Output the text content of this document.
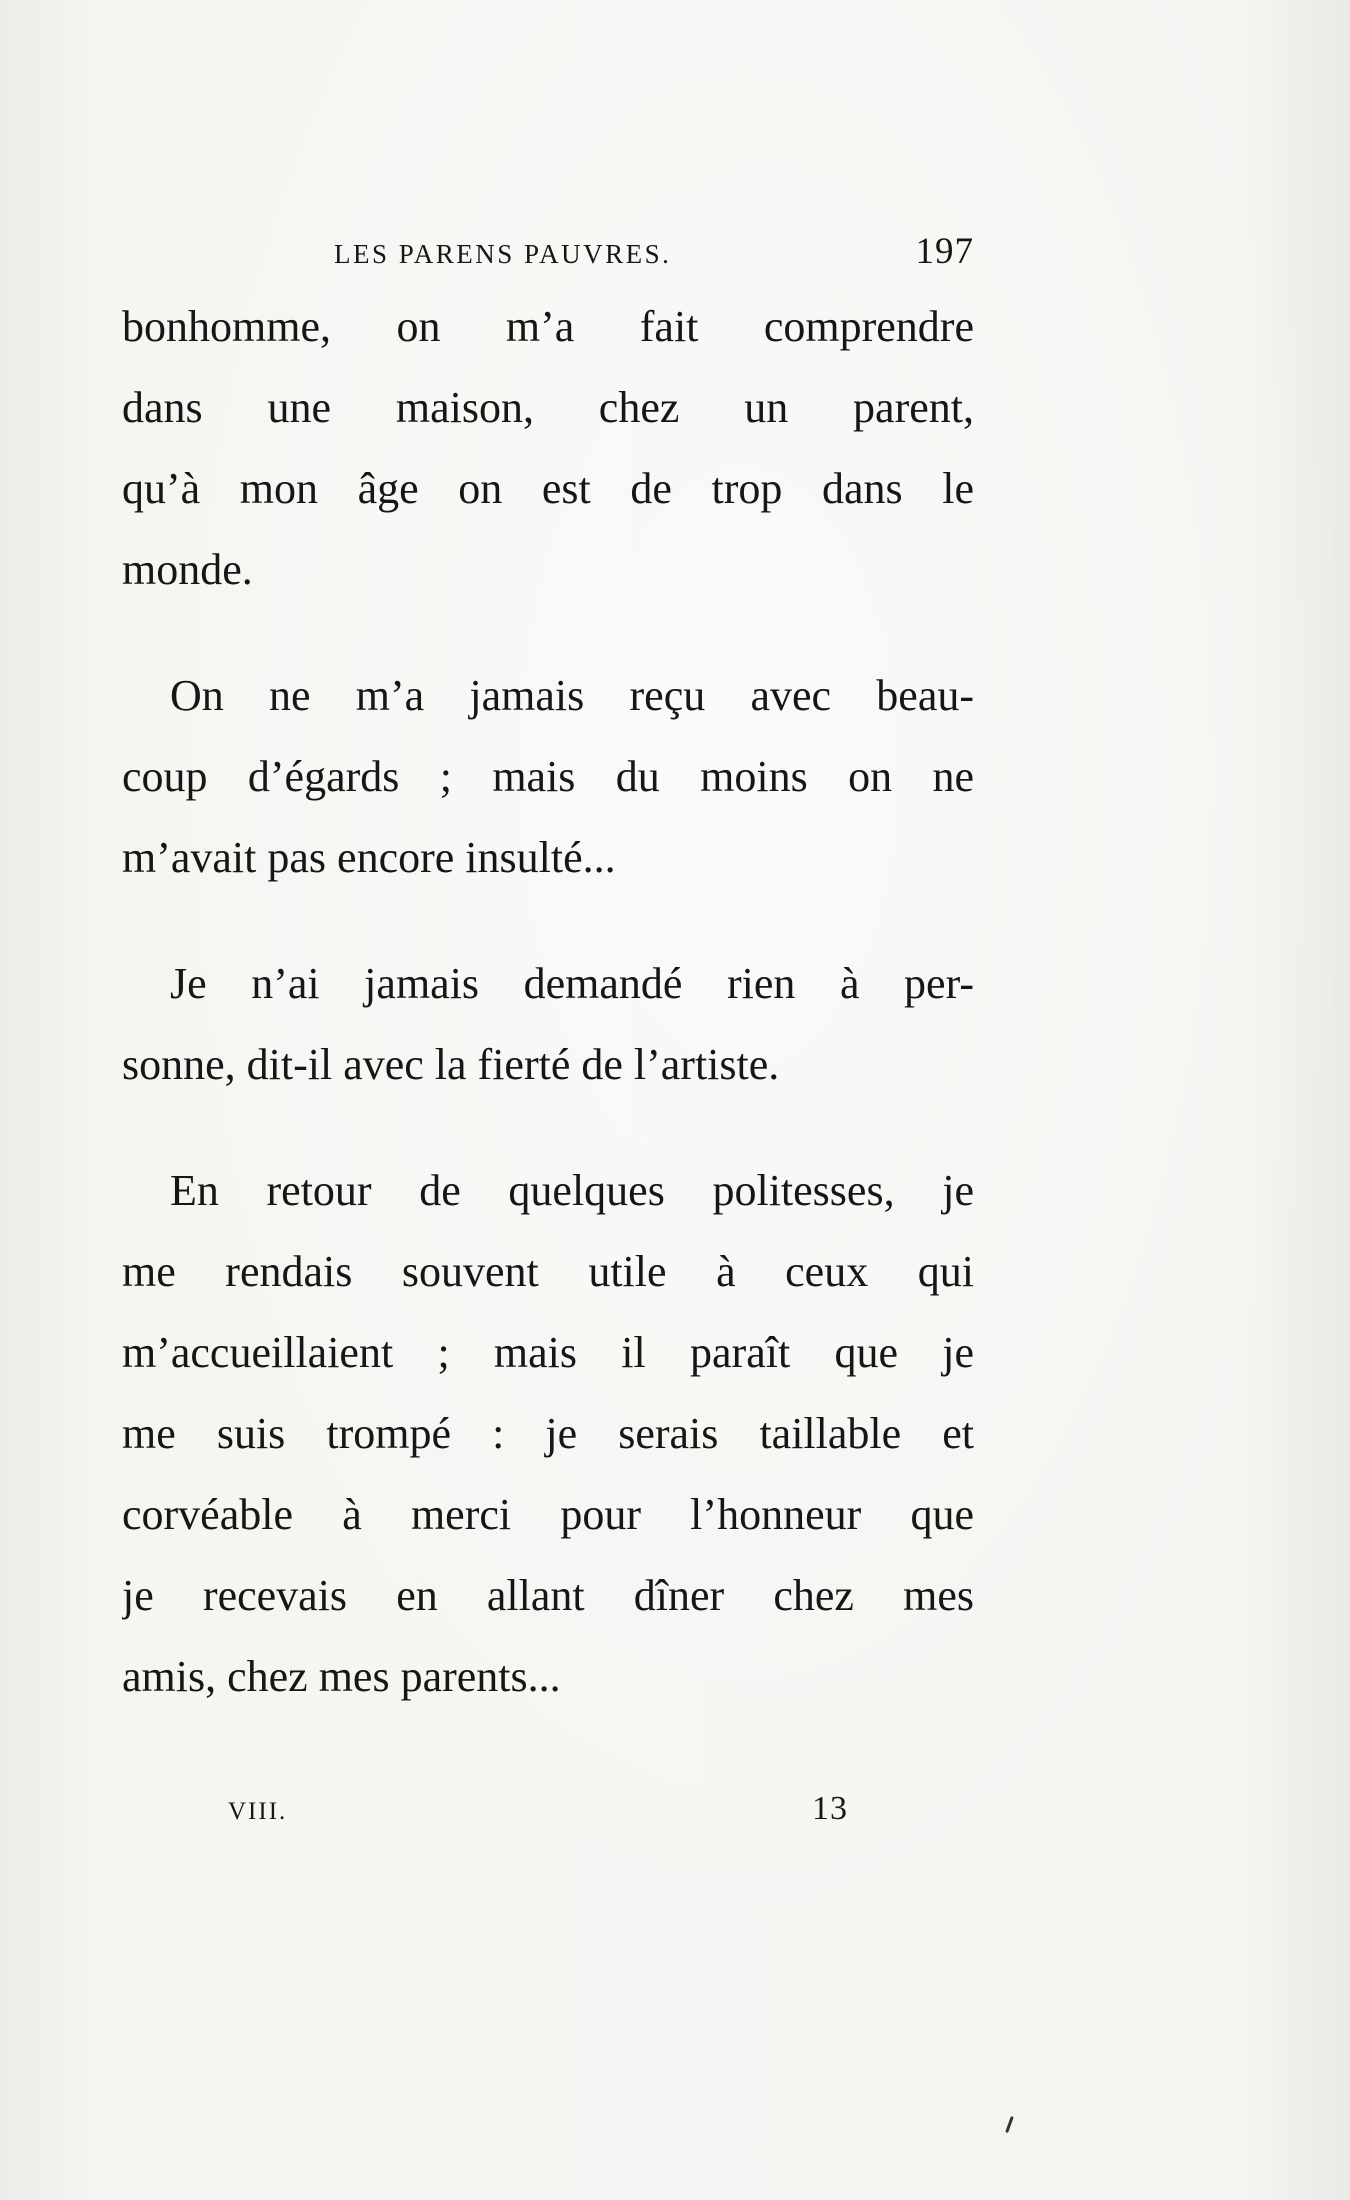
LES PARENS PAUVRES.	197
bonhomme, on m’a fait comprendre
dans une maison, chez un parent,
qu’à mon âge on est de trop dans le
monde.
On ne m’a jamais reçu avec beau-
coup d’égards ; mais du moins on ne
m’avait pas encore insulté...
Je n’ai jamais demandé rien à per-
sonne, dit-il avec la fierté de l’artiste.
En retour de quelques politesses, je
me rendais souvent utile à ceux qui
m’accueillaient ; mais il paraît que je
me suis trompé : je serais taillable et
corvéable à merci pour l’honneur que
je recevais en allant dîner chez mes
amis, chez mes parents...
VIII.	13
